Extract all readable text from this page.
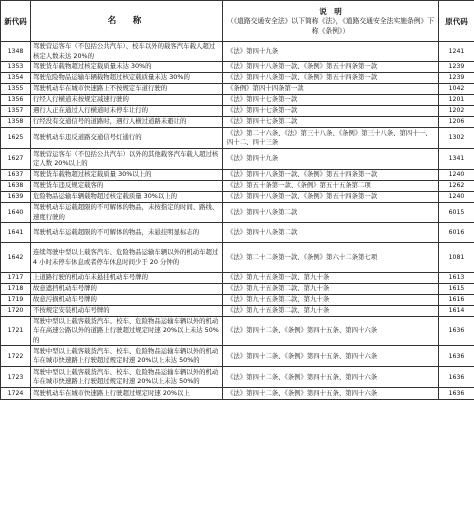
新代码	名　称	说　明
（《道路交通安全法》以下简称《法》，《道路交通安全法实施条例》下称《条例》）	原代码
1348	驾驶营运客车（不包括公共汽车）、校车以外的载客汽车载人超过核定人数未达 20%的	《法》第四十九条	1241
1353	驾驶货车载物超过核定载质量未达 30%的	《法》第四十八条第一款、《条例》第五十四条第一款	1239
1354	驾驶危险物品运输车辆载物超过核定载质量未达 30%的	《法》第四十八条第一款、《条例》第五十四条第一款	1239
1355	驾驶机动车在城市快速路上不按规定车道行驶的	《条例》第四十四条第一款	1042
1356	行经人行横道未按规定减速行驶的	《法》第四十七条第一款	1201
1357	遇行人正在通过人行横道时未停车让行的	《法》第四十七条第一款	1202
1358	行经没有交通信号的道路时，遇行人横过道路未避让的	《法》第四十七条第二款	1206
1625	驾驶机动车违反道路交通信号灯通行的	《法》第二十六条、《法》第三十八条、《条例》第三十八条、第四十一、四十二、四十三条	1302
1627	驾驶营运客车（不包括公共汽车）以外的其他载客汽车载人超过核定人数 20%以上的	《法》第四十九条	1341
1637	驾驶货车载物超过核定载质量 30%以上的	《法》第四十八条第一款、《条例》第五十四条第一款	1240
1638	驾驶货车违反规定载客的	《法》第五十条第一款、《条例》第五十五条第二项	1262
1639	危险物品运输车辆载物超过核定载质量 30%以上的	《法》第四十八条第一款、《条例》第五十四条第一款	1240
1640	驾驶机动车运载超限的不可解体的物品，未按指定的时间、路线、速度行驶的	《法》第四十八条第二款	6015
1641	驾驶机动车运载超限的不可解体的物品，未悬挂明显标志的	《法》第四十八条第二款	6016
1642	连续驾驶中型以上载客汽车、危险物品运输车辆以外的机动车超过 4 小时未停车休息或者停车休息时间少于 20 分钟的	《法》第二十二条第一款、《条例》第六十二条第七项	1081
1717	上道路行驶的机动车未悬挂机动车号牌的	《法》第九十五条第一款、第九十条	1613
1718	故意遮挡机动车号牌的	《法》第九十五条第二款、第九十条	1615
1719	故意污损机动车号牌的	《法》第九十五条第二款、第九十条	1616
1720	不按规定安装机动车号牌的	《法》第九十五条第二款、第九十条	1614
1721	驾驶中型以上载客载货汽车、校车、危险物品运输车辆以外的机动车在高速公路以外的道路上行驶超过规定时速 20%以上未达 50%的	《法》第四十二条、《条例》第四十五条、第四十六条	1636
1722	驾驶中型以上载客载货汽车、校车、危险物品运输车辆以外的机动车在城市快速路上行驶超过规定时速 20%以上未达 50%的	《法》第四十二条、《条例》第四十五条、第四十六条	1636
1723	驾驶中型以上载客载货汽车、校车、危险物品运输车辆以外的机动车在城市快速路上行驶超过规定时速 20%以上未达 50%的	《法》第四十二条、《条例》第四十五条、第四十六条	1636
1724	驾驶机动车在城市快速路上行驶超过规定时速 20%以上	《法》第四十二条、《条例》第四十五条、第四十六条	1636
